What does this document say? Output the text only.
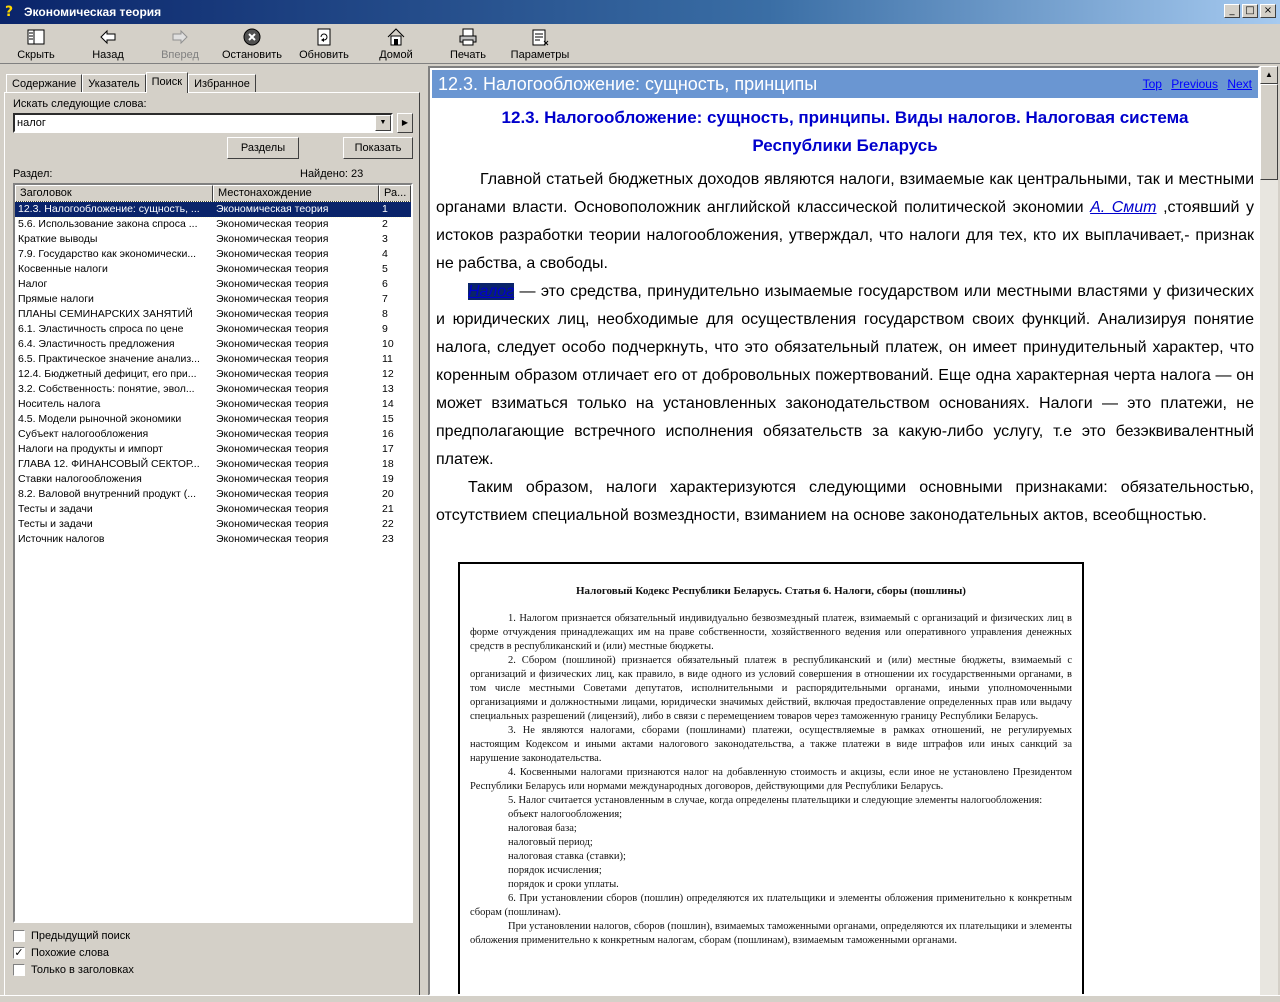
? Экономическая теория	_	□ ×
Скрыть	Назад	Вперед Остановить Обновить	Домой	Печать Параметры
Содержание	Указатель	Поиск	Избранное
Искать следующие слова:
налог
▼	▶
Разделы	Показать
Раздел:	Найдено: 23
Заголовок	Местонахождение	Ра...
12.3. Налогообложение: сущность, ...	Экономическая теория	1
5.6. Использование закона спроса ...	Экономическая теория	2
Краткие выводы	Экономическая теория	3
7.9. Государство как экономически...	Экономическая теория	4
Косвенные налоги	Экономическая теория	5
Налог	Экономическая теория	6
Прямые налоги	Экономическая теория	7
ПЛАНЫ СЕМИНАРСКИХ ЗАНЯТИЙ	Экономическая теория	8
6.1. Эластичность спроса по цене	Экономическая теория	9
6.4. Эластичность предложения	Экономическая теория	10
6.5. Практическое значение анализ...	Экономическая теория	11
12.4. Бюджетный дефицит, его при...	Экономическая теория	12
3.2. Собственность: понятие, эвол...	Экономическая теория	13
Носитель налога	Экономическая теория	14
4.5. Модели рыночной экономики	Экономическая теория	15
Субъект налогообложения	Экономическая теория	16
Налоги на продукты и импорт	Экономическая теория	17
ГЛАВА 12. ФИНАНСОВЫЙ СЕКТОР...	Экономическая теория	18
Ставки налогообложения	Экономическая теория	19
8.2. Валовой внутренний продукт (...	Экономическая теория	20
Тесты и задачи	Экономическая теория	21
Тесты и задачи	Экономическая теория	22
Источник налогов	Экономическая теория	23
Предыдущий поиск
✓ Похожие слова
Только в заголовках
12.3. Налогообложение: сущность, принципы	Top Previous Next
12.3. Налогообложение: сущность, принципы. Виды налогов. Налоговая система Республики Беларусь

Главной статьей бюджетных доходов являются налоги, взимаемые как центральными, так и местными органами власти. Основоположник английской классической политической экономии А. Смит ,стоявший у истоков разработки теории налогообложения, утверждал, что налоги для тех, кто их выплачивает,- признак не рабства, а свободы.

Налог — это средства, принудительно изымаемые государством или местными властями у физических и юридических лиц, необходимые для осуществления государством своих функций. Анализируя понятие налога, следует особо подчеркнуть, что это обязательный платеж, он имеет принудительный характер, что коренным образом отличает его от добровольных пожертвований. Еще одна характерная черта налога — он может взиматься только на установленных законодательством основаниях. Налоги — это платежи, не предполагающие встречного исполнения обязательств за какую-либо услугу, т.е это безэквивалентный платеж.

Таким образом, налоги характеризуются следующими основными признаками: обязательностью, отсутствием специальной возмездности, взиманием на основе законодательных актов, всеобщностью.

Налоговый Кодекс Республики Беларусь. Статья 6. Налоги, сборы (пошлины)

1. Налогом признается обязательный индивидуально безвозмездный платеж, взимаемый с организаций и физических лиц в форме отчуждения принадлежащих им на праве собственности, хозяйственного ведения или оперативного управления денежных средств в республиканский и (или) местные бюджеты.

2. Сбором (пошлиной) признается обязательный платеж в республиканский и (или) местные бюджеты, взимаемый с организаций и физических лиц, как правило, в виде одного из условий совершения в отношении их государственными органами, в том числе местными Советами депутатов, исполнительными и распорядительными органами, иными уполномоченными организациями и должностными лицами, юридически значимых действий, включая предоставление определенных прав или выдачу специальных разрешений (лицензий), либо в связи с перемещением товаров через таможенную границу Республики Беларусь.

3. Не являются налогами, сборами (пошлинами) платежи, осуществляемые в рамках отношений, не регулируемых настоящим Кодексом и иными актами налогового законодательства, а также платежи в виде штрафов или иных санкций за нарушение законодательства.

4. Косвенными налогами признаются налог на добавленную стоимость и акцизы, если иное не установлено Президентом Республики Беларусь или нормами международных договоров, действующими для Республики Беларусь.

5. Налог считается установленным в случае, когда определены плательщики и следующие элементы налогообложения:

объект налогообложения;

налоговая база;

налоговый период;

налоговая ставка (ставки);

порядок исчисления;

порядок и сроки уплаты.

6. При установлении сборов (пошлин) определяются их плательщики и элементы обложения применительно к конкретным сборам (пошлинам).

При установлении налогов, сборов (пошлин), взимаемых таможенными органами, определяются их плательщики и элементы обложения применительно к конкретным налогам, сборам (пошлинам), взимаемым таможенными органами.

▲
